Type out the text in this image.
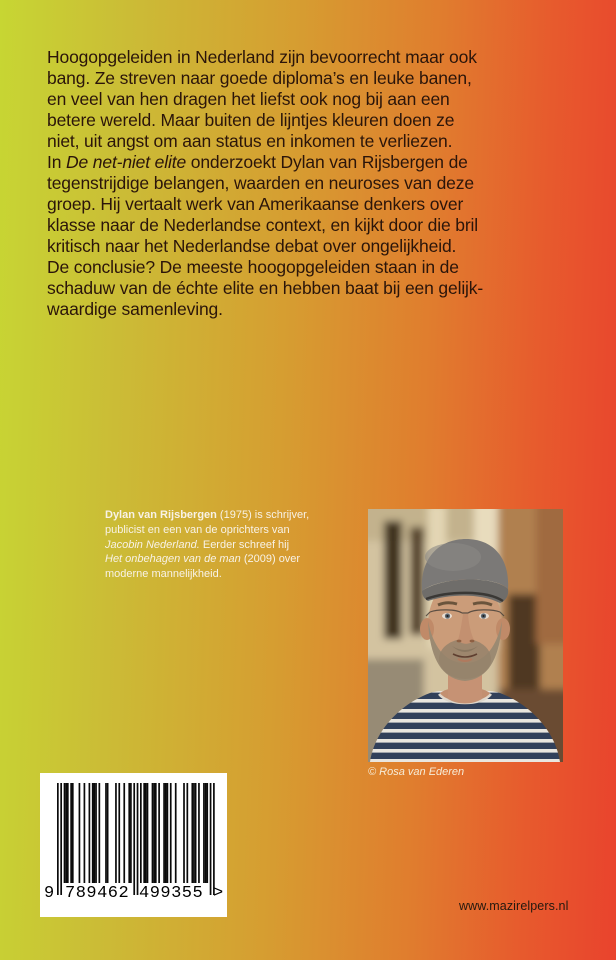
Hoogopgeleiden in Nederland zijn bevoorrecht maar ook
bang. Ze streven naar goede diploma’s en leuke banen,
en veel van hen dragen het liefst ook nog bij aan een
betere wereld. Maar buiten de lijntjes kleuren doen ze
niet, uit angst om aan status en inkomen te verliezen.
In De net-niet elite onderzoekt Dylan van Rijsbergen de
tegenstrijdige belangen, waarden en neuroses van deze
groep. Hij vertaalt werk van Amerikaanse denkers over
klasse naar de Nederlandse context, en kijkt door die bril
kritisch naar het Nederlandse debat over ongelijkheid.
De conclusie? De meeste hoogopgeleiden staan in de
schaduw van de échte elite en hebben baat bij een gelijk-
waardige samenleving.
Dylan van Rijsbergen (1975) is schrijver,
publicist en een van de oprichters van
Jacobin Nederland. Eerder schreef hij
Het onbehagen van de man (2009) over
moderne mannelijkheid.
© Rosa van Ederen
9 789462 499355 >
www.mazirelpers.nl
